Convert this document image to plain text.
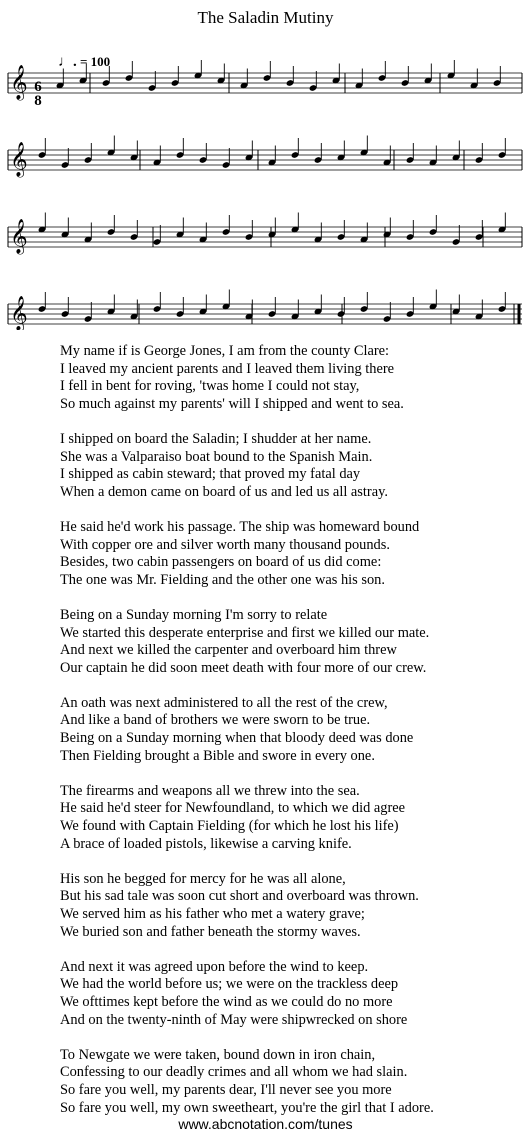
The Saladin Mutiny
♩. = 100
𝄞
𝄞
𝄞
𝄞
6
8
My name if is George Jones, I am from the county Clare:
I leaved my ancient parents and I leaved them living there
I fell in bent for roving, 'twas home I could not stay,
So much against my parents' will I shipped and went to sea.
I shipped on board the Saladin; I shudder at her name.
She was a Valparaiso boat bound to the Spanish Main.
I shipped as cabin steward; that proved my fatal day
When a demon came on board of us and led us all astray.
He said he'd work his passage. The ship was homeward bound
With copper ore and silver worth many thousand pounds.
Besides, two cabin passengers on board of us did come:
The one was Mr. Fielding and the other one was his son.
Being on a Sunday morning I'm sorry to relate
We started this desperate enterprise and first we killed our mate.
And next we killed the carpenter and overboard him threw
Our captain he did soon meet death with four more of our crew.
An oath was next administered to all the rest of the crew,
And like a band of brothers we were sworn to be true.
Being on a Sunday morning when that bloody deed was done
Then Fielding brought a Bible and swore in every one.
The firearms and weapons all we threw into the sea.
He said he'd steer for Newfoundland, to which we did agree
We found with Captain Fielding (for which he lost his life)
A brace of loaded pistols, likewise a carving knife.
His son he begged for mercy for he was all alone,
But his sad tale was soon cut short and overboard was thrown.
We served him as his father who met a watery grave;
We buried son and father beneath the stormy waves.
And next it was agreed upon before the wind to keep.
We had the world before us; we were on the trackless deep
We ofttimes kept before the wind as we could do no more
And on the twenty-ninth of May were shipwrecked on shore
To Newgate we were taken, bound down in iron chain,
Confessing to our deadly crimes and all whom we had slain.
So fare you well, my parents dear, I'll never see you more
So fare you well, my own sweetheart, you're the girl that I adore.
www.abcnotation.com/tunes
